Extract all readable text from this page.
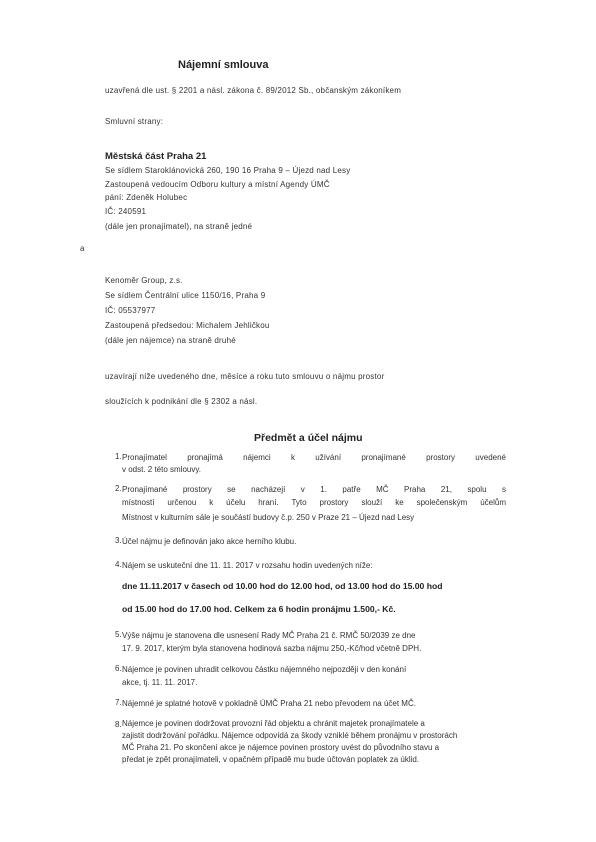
Nájemní smlouva
uzavřená dle ust. § 2201 a násl. zákona č. 89/2012 Sb., občanským zákoníkem
Smluvní strany:
Městská část Praha 21
Se sídlem Staroklánovická 260, 190 16 Praha 9 – Újezd nad Lesy
Zastoupená vedoucím Odboru kultury a místní Agendy ÚMČ
pání: Zdeněk Holubec
IČ: 240591
(dále jen pronajímatel), na straně jedné
a
Kenoměr Group, z.s.
Se sídlem Čentrální ulice 1150/16, Praha 9
IČ: 05537977
Zastoupená předsedou: Michalem Jehličkou
(dále jen nájemce) na straně druhé
uzavírají níže uvedeného dne, měsíce a roku tuto smlouvu o nájmu prostor
sloužících k podnikání dle § 2302 a násl.
Předmět a účel nájmu
1. Pronajímatel pronajímá nájemci k užívání pronajímané prostory uvedené
v odst. 2 této smlouvy.
2. Pronajímané prostory se nacházejí v 1. patře MČ Praha 21, spolu s
místností určenou k účelu hraní. Tyto prostory slouží ke společenským účelům
Místnost v kulturním sále je součástí budovy č.p. 250 v Praze 21 – Újezd nad Lesy
3. Účel nájmu je definován jako akce herního klubu.
4. Nájem se uskuteční dne 11. 11. 2017 v rozsahu hodin uvedených níže:
dne 11.11.2017 v časech od 10.00 hod do 12.00 hod, od 13.00 hod do 15.00 hod
od 15.00 hod do 17.00 hod. Celkem za 6 hodin pronájmu 1.500,- Kč.
5. Výše nájmu je stanovena dle usnesení Rady MČ Praha 21 č. RMČ 50/2039 ze dne
17. 9. 2017, kterým byla stanovena hodinová sazba nájmu 250,-Kč/hod včetně DPH.
6. Nájemce je povinen uhradit celkovou částku nájemného nejpozději v den konání
akce, tj. 11. 11. 2017.
7. Nájemné je splatné hotově v pokladně ÚMČ Praha 21 nebo převodem na účet MČ.
8. Nájemce je povinen dodržovat provozní řád objektu a chránit majetek pronajímatele a
zajistit dodržování pořádku. Nájemce odpovídá za škody vzniklé během pronájmu v prostorách
MČ Praha 21. Po skončení akce je nájemce povinen prostory uvést do původního stavu a
předat je zpět pronajímateli, v opačném případě mu bude účtován poplatek za úklid.
